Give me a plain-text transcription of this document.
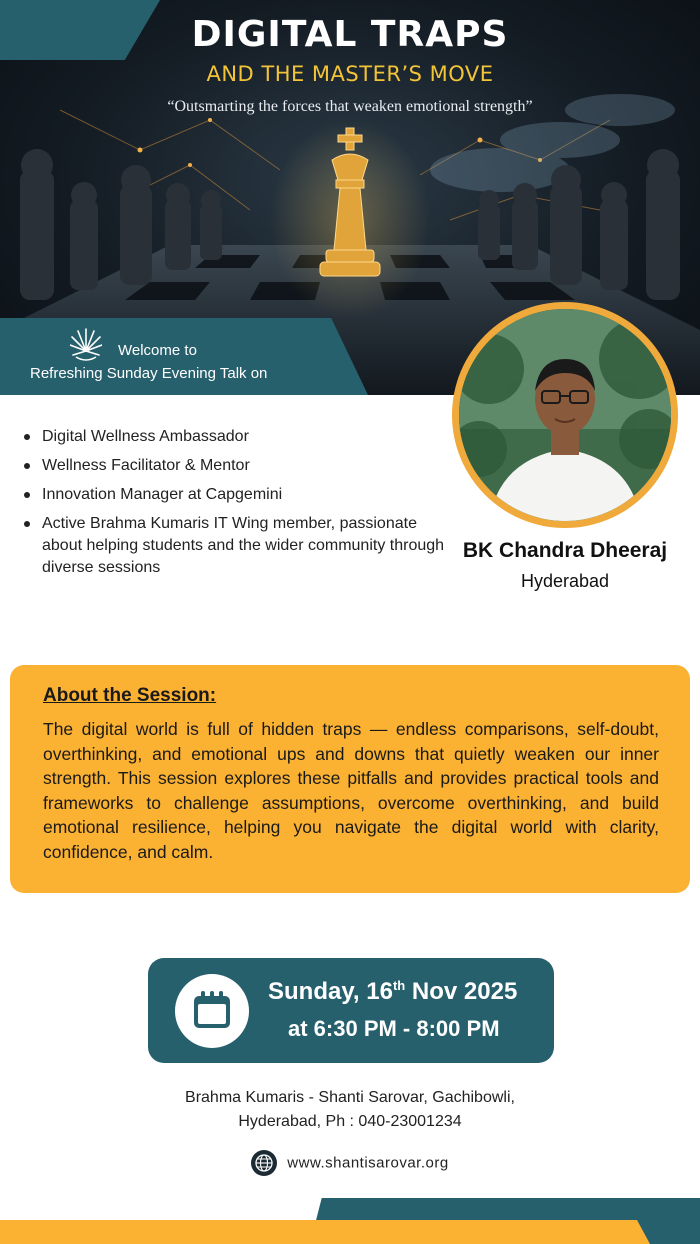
DIGITAL TRAPS
AND THE MASTER’S MOVE
“Outsmarting the forces that weaken emotional strength”
Welcome to
Refreshing Sunday Evening Talk on
Digital Wellness Ambassador
Wellness Facilitator & Mentor
Innovation Manager at Capgemini
Active Brahma Kumaris IT Wing member, passionate about helping students and the wider community through diverse sessions
BK Chandra Dheeraj
Hyderabad
About the Session:
The digital world is full of hidden traps — endless comparisons, self-doubt, overthinking, and emotional ups and downs that quietly weaken our inner strength. This session explores these pitfalls and provides practical tools and frameworks to challenge assumptions, overcome overthinking, and build emotional resilience, helping you navigate the digital world with clarity, confidence, and calm.
Sunday, 16th Nov 2025
at 6:30 PM - 8:00 PM
Brahma Kumaris - Shanti Sarovar, Gachibowli,
Hyderabad, Ph : 040-23001234
www.shantisarovar.org
